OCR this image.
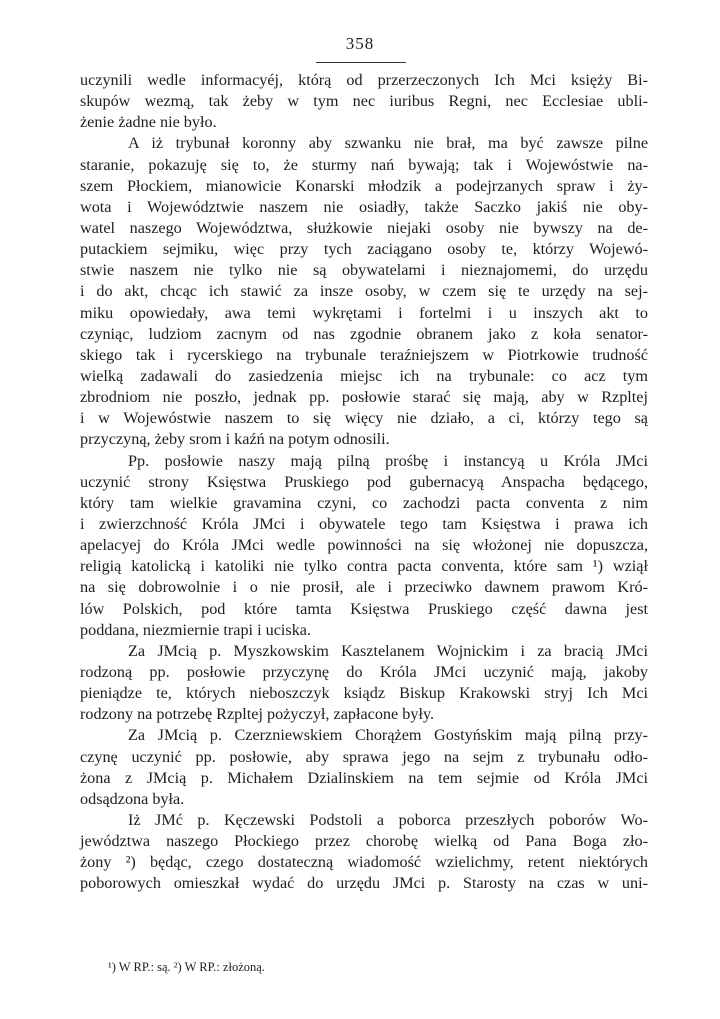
358
uczynili wedle informacyéj, którą od przerzeczonych Ich Mci księży Bi-
skupów wezmą, tak żeby w tym nec iuribus Regni, nec Ecclesiae ubli-
żenie żadne nie było.
A iż trybunał koronny aby szwanku nie brał, ma być zawsze pilne
staranie, pokazuję się to, że sturmy nań bywają; tak i Wojewóstwie na-
szem Płockiem, mianowicie Konarski młodzik a podejrzanych spraw i ży-
wota i Województwie naszem nie osiadły, także Saczko jakiś nie oby-
watel naszego Województwa, służkowie niejaki osoby nie bywszy na de-
putackiem sejmiku, więc przy tych zaciągano osoby te, którzy Wojewó-
stwie naszem nie tylko nie są obywatelami i nieznajomemi, do urzędu
i do akt, chcąc ich stawić za insze osoby, w czem się te urzędy na sej-
miku opowiedały, awa temi wykrętami i fortelmi i u inszych akt to
czyniąc, ludziom zacnym od nas zgodnie obranem jako z koła senator-
skiego tak i rycerskiego na trybunale teraźniejszem w Piotrkowie trudność
wielką zadawali do zasiedzenia miejsc ich na trybunale: co acz tym
zbrodniom nie poszło, jednak pp. posłowie starać się mają, aby w Rzpltej
i w Wojewóstwie naszem to się więcy nie działo, a ci, którzy tego są
przyczyną, żeby srom i kaźń na potym odnosili.
Pp. posłowie naszy mają pilną prośbę i instancyą u Króla JMci
uczynić strony Księstwa Pruskiego pod gubernacyą Anspacha będącego,
który tam wielkie gravamina czyni, co zachodzi pacta conventa z nim
i zwierzchność Króla JMci i obywatele tego tam Księstwa i prawa ich
apelacyej do Króla JMci wedle powinności na się włożonej nie dopuszcza,
religią katolicką i katoliki nie tylko contra pacta conventa, które sam ¹) wziął
na się dobrowolnie i o nie prosił, ale i przeciwko dawnem prawom Kró-
lów Polskich, pod które tamta Księstwa Pruskiego część dawna jest
poddana, niezmiernie trapi i uciska.
Za JMcią p. Myszkowskim Kasztelanem Wojnickim i za bracią JMci
rodzoną pp. posłowie przyczynę do Króla JMci uczynić mają, jakoby
pieniądze te, których nieboszczyk ksiądz Biskup Krakowski stryj Ich Mci
rodzony na potrzebę Rzpltej pożyczył, zapłacone były.
Za JMcią p. Czerzniewskiem Chorążem Gostyńskim mają pilną przy-
czynę uczynić pp. posłowie, aby sprawa jego na sejm z trybunału odło-
żona z JMcią p. Michałem Dzialinskiem na tem sejmie od Króla JMci
odsądzona była.
Iż JMć p. Kęczewski Podstoli a poborca przeszłych poborów Wo-
jewództwa naszego Płockiego przez chorobę wielką od Pana Boga zło-
żony ²) będąc, czego dostateczną wiadomość wzielichmy, retent niektórych
poborowych omieszkał wydać do urzędu JMci p. Starosty na czas w uni-
¹) W RP.: są. ²) W RP.: złożoną.
